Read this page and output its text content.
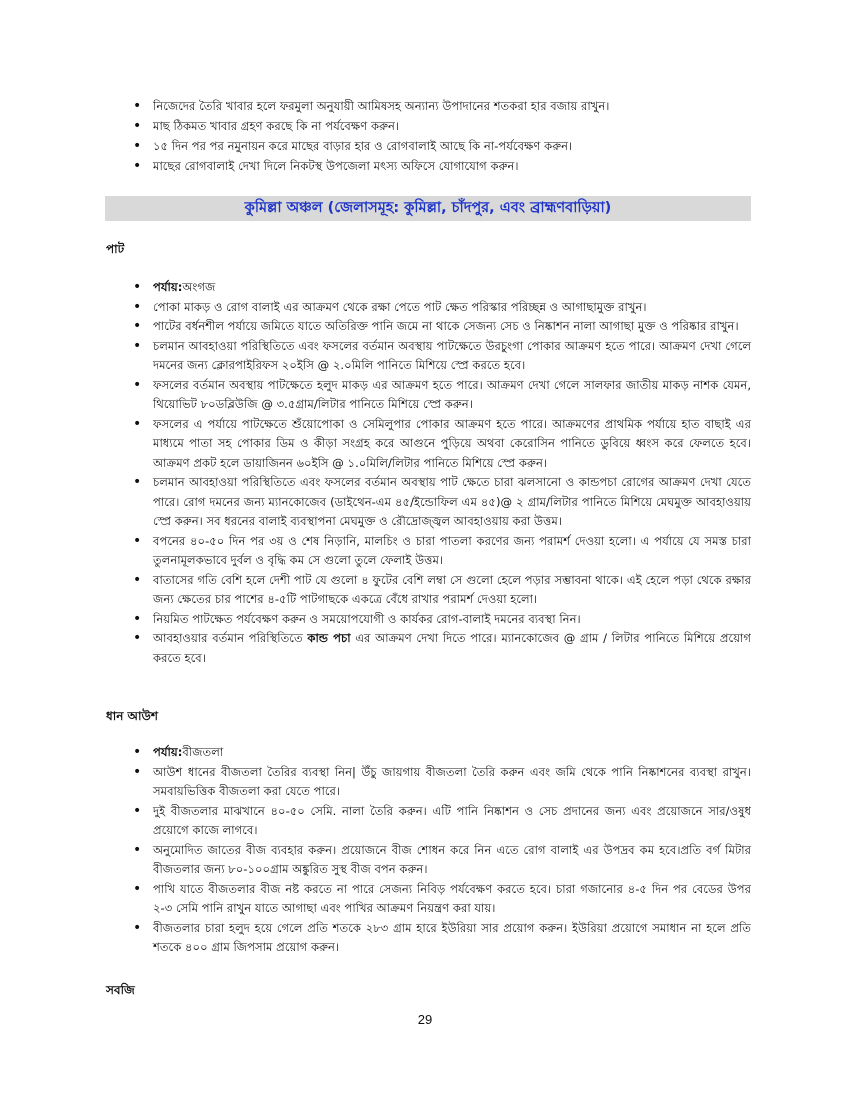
• নিজেদের তৈরি খাবার হলে ফরমুলা অনুযায়ী আমিষসহ অন্যান্য উপাদানের শতকরা হার বজায় রাখুন।
• মাছ ঠিকমত খাবার গ্রহণ করছে কি না পর্যবেক্ষণ করুন।
• ১৫ দিন পর পর নমুনায়ন করে মাছের বাড়ার হার ও রোগবালাই আছে কি না-পর্যবেক্ষণ করুন।
• মাছের রোগবালাই দেখা দিলে নিকটস্থ উপজেলা মৎস্য অফিসে যোগাযোগ করুন।
কুমিল্লা অঞ্চল (জেলাসমূহ: কুমিল্লা, চাঁদপুর, এবং ব্রাহ্মণবাড়িয়া)
পাট
• পর্যায়:অংগজ
• পোকা মাকড় ও রোগ বালাই এর আক্রমণ থেকে রক্ষা পেতে পাট ক্ষেত পরিস্কার পরিচ্ছন্ন ও আগাছামুক্ত রাখুন।
• পাটের বর্ধনশীল পর্যায়ে জমিতে যাতে অতিরিক্ত পানি জমে না থাকে সেজন্য সেচ ও নিষ্কাশন নালা আগাছা মুক্ত ও পরিষ্কার রাখুন।
• চলমান আবহাওয়া পরিস্থিতিতে এবং ফসলের বর্তমান অবস্থায় পাটক্ষেতে উরচুংগা পোকার আক্রমণ হতে পারে। আক্রমণ দেখা গেলে দমনের জন্য ক্লোরপাইরিফস ২০ইসি @ ২.০মিলি পানিতে মিশিয়ে স্প্রে করতে হবে।
• ফসলের বর্তমান অবস্থায় পাটক্ষেতে হলুদ মাকড় এর আক্রমণ হতে পারে। আক্রমণ দেখা গেলে সালফার জাতীয় মাকড় নাশক যেমন, থিয়োভিট ৮০ডব্লিউজি @ ৩.৫গ্রাম/লিটার পানিতে মিশিয়ে স্প্রে করুন।
• ফসলের এ পর্যায়ে পাটক্ষেতে শুঁয়োপোকা ও সেমিলুপার পোকার আক্রমণ হতে পারে। আক্রমণের প্রাথমিক পর্যায়ে হাত বাছাই এর মাধ্যমে পাতা সহ পোকার ডিম ও কীড়া সংগ্রহ করে আগুনে পুড়িয়ে অথবা কেরোসিন পানিতে ডুবিয়ে ধ্বংস করে ফেলতে হবে। আক্রমণ প্রকট হলে ডায়াজিনন ৬০ইসি @ ১.০মিলি/লিটার পানিতে মিশিয়ে স্প্রে করুন।
• চলমান আবহাওয়া পরিস্থিতিতে এবং ফসলের বর্তমান অবস্থায় পাট ক্ষেতে চারা ঝলসানো ও কান্ডপচা রোগের আক্রমণ দেখা যেতে পারে। রোগ দমনের জন্য ম্যানকোজেব (ডাইথেন-এম ৪৫/ইন্ডোফিল এম ৪৫)@ ২ গ্রাম/লিটার পানিতে মিশিয়ে মেঘমুক্ত আবহাওয়ায় স্প্রে করুন। সব ধরনের বালাই ব্যবস্থাপনা মেঘমুক্ত ও রৌদ্রোজ্জ্বল আবহাওয়ায় করা উত্তম।
• বপনের ৪০-৫০ দিন পর ৩য় ও শেষ নিড়ানি, মালচিং ও চারা পাতলা করণের জন্য পরামর্শ দেওয়া হলো। এ পর্যায়ে যে সমস্ত চারা তুলনামূলকভাবে দুর্বল ও বৃদ্ধি কম সে গুলো তুলে ফেলাই উত্তম।
• বাতাসের গতি বেশি হলে দেশী পাট যে গুলো ৪ ফুটের বেশি লম্বা সে গুলো হেলে পড়ার সম্ভাবনা থাকে। এই হেলে পড়া থেকে রক্ষার জন্য ক্ষেতের চার পাশের ৪-৫টি পাটগাছকে একত্রে বেঁধে রাখার পরামর্শ দেওয়া হলো।
• নিয়মিত পাটক্ষেত পর্যবেক্ষণ করুন ও সময়োপযোগী ও কার্যকর রোগ-বালাই দমনের ব্যবস্থা নিন।
• আবহাওয়ার বর্তমান পরিস্থিতিতে কান্ড পচা এর আক্রমণ দেখা দিতে পারে। ম্যানকোজেব @ গ্রাম / লিটার পানিতে মিশিয়ে প্রয়োগ করতে হবে।
ধান আউশ
• পর্যায়:বীজতলা
• আউশ ধানের বীজতলা তৈরির ব্যবস্থা নিন| উঁচু জায়গায় বীজতলা তৈরি করুন এবং জমি থেকে পানি নিষ্কাশনের ব্যবস্থা রাখুন। সমবায়ভিত্তিক বীজতলা করা যেতে পারে।
• দুই বীজতলার মাঝখানে ৪০-৫০ সেমি. নালা তৈরি করুন। এটি পানি নিষ্কাশন ও সেচ প্রদানের জন্য এবং প্রয়োজনে সার/ওষুধ প্রয়োগে কাজে লাগবে।
• অনুমোদিত জাতের বীজ ব্যবহার করুন। প্রয়োজনে বীজ শোধন করে নিন এতে রোগ বালাই এর উপদ্রব কম হবে।প্রতি বর্গ মিটার বীজতলার জন্য ৮০-১০০গ্রাম অঙ্কুরিত সুস্থ বীজ বপন করুন।
• পাখি যাতে বীজতলার বীজ নষ্ট করতে না পারে সেজন্য নিবিড় পর্যবেক্ষণ করতে হবে। চারা গজানোর ৪-৫ দিন পর বেডের উপর ২-৩ সেমি পানি রাখুন যাতে আগাছা এবং পাখির আক্রমণ নিয়ন্ত্রণ করা যায়।
• বীজতলার চারা হলুদ হয়ে গেলে প্রতি শতকে ২৮৩ গ্রাম হারে ইউরিয়া সার প্রয়োগ করুন। ইউরিয়া প্রয়োগে সমাধান না হলে প্রতি শতকে ৪০০ গ্রাম জিপসাম প্রয়োগ করুন।
সবজি
29
